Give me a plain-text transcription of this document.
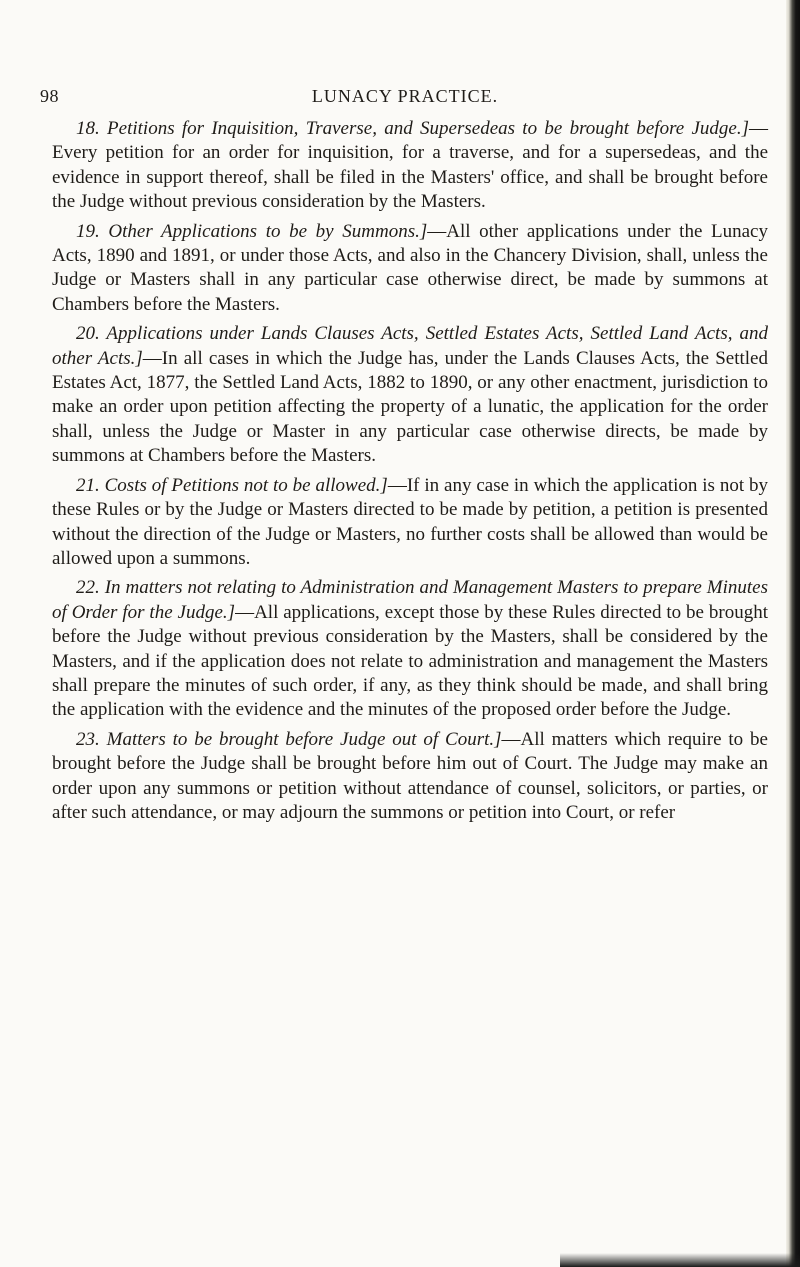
98	LUNACY PRACTICE.

18. Petitions for Inquisition, Traverse, and Supersedeas to be brought before Judge.]—Every petition for an order for inquisition, for a traverse, and for a supersedeas, and the evidence in support thereof, shall be filed in the Masters' office, and shall be brought before the Judge without previous consideration by the Masters.

19. Other Applications to be by Summons.]—All other applications under the Lunacy Acts, 1890 and 1891, or under those Acts, and also in the Chancery Division, shall, unless the Judge or Masters shall in any particular case otherwise direct, be made by summons at Chambers before the Masters.

20. Applications under Lands Clauses Acts, Settled Estates Acts, Settled Land Acts, and other Acts.]—In all cases in which the Judge has, under the Lands Clauses Acts, the Settled Estates Act, 1877, the Settled Land Acts, 1882 to 1890, or any other enactment, jurisdiction to make an order upon petition affecting the property of a lunatic, the application for the order shall, unless the Judge or Master in any particular case otherwise directs, be made by summons at Chambers before the Masters.

21. Costs of Petitions not to be allowed.]—If in any case in which the application is not by these Rules or by the Judge or Masters directed to be made by petition, a petition is presented without the direction of the Judge or Masters, no further costs shall be allowed than would be allowed upon a summons.

22. In matters not relating to Administration and Management Masters to prepare Minutes of Order for the Judge.]—All applications, except those by these Rules directed to be brought before the Judge without previous consideration by the Masters, shall be considered by the Masters, and if the application does not relate to administration and management the Masters shall prepare the minutes of such order, if any, as they think should be made, and shall bring the application with the evidence and the minutes of the proposed order before the Judge.

23. Matters to be brought before Judge out of Court.]—All matters which require to be brought before the Judge shall be brought before him out of Court. The Judge may make an order upon any summons or petition without attendance of counsel, solicitors, or parties, or after such attendance, or may adjourn the summons or petition into Court, or refer
